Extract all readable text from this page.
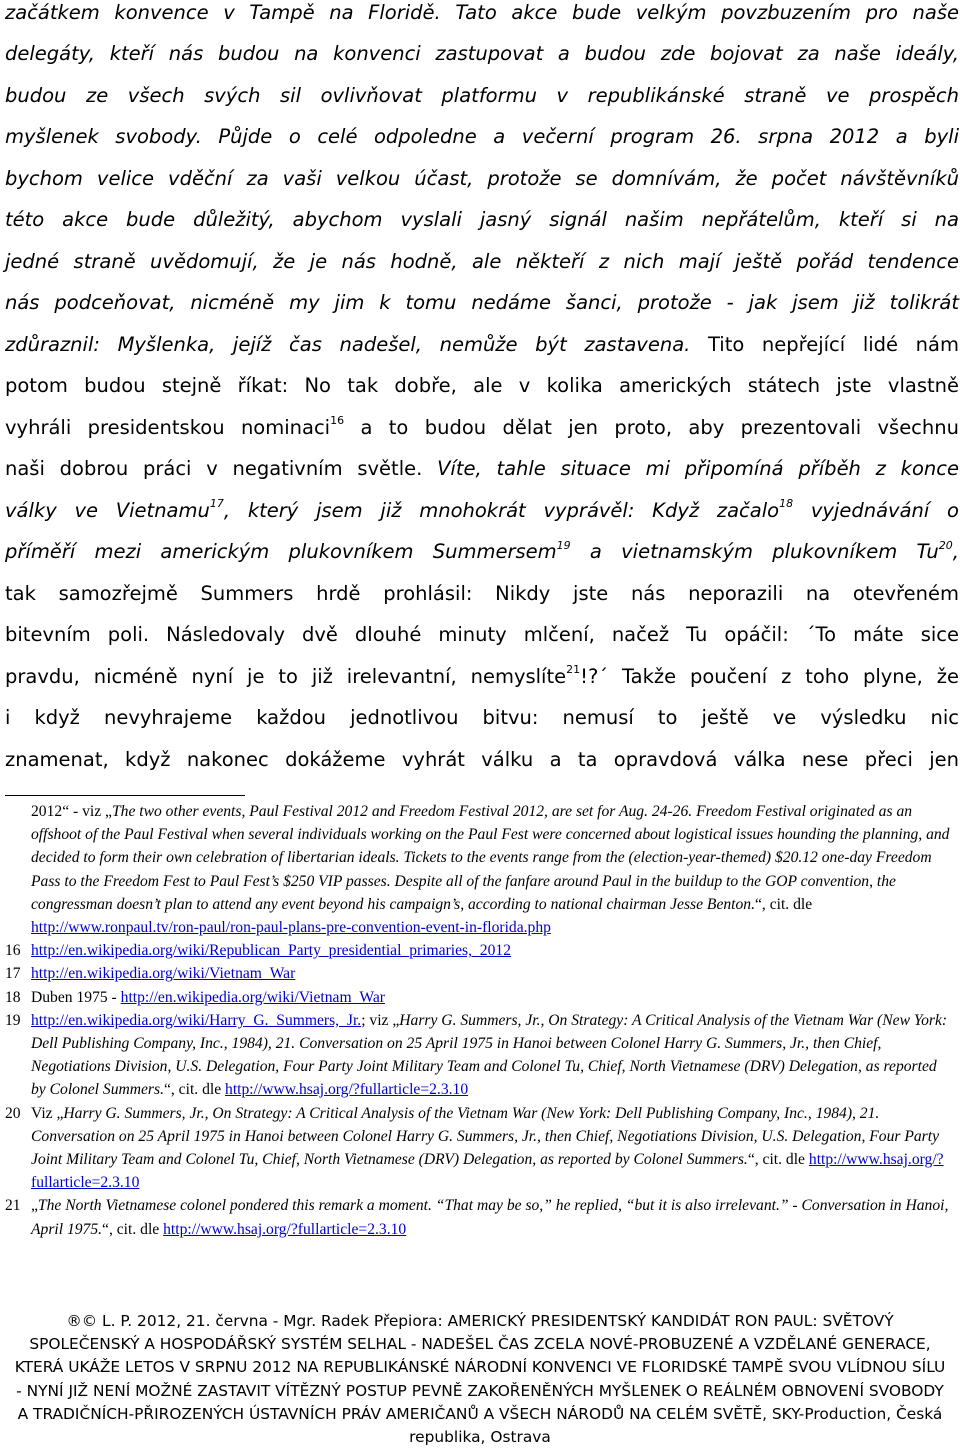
začátkem konvence v Tampě na Floridě. Tato akce bude velkým povzbuzením pro naše
delegáty, kteří nás budou na konvenci zastupovat a budou zde bojovat za naše ideály,
budou ze všech svých sil ovlivňovat platformu v republikánské straně ve prospěch
myšlenek svobody. Půjde o celé odpoledne a večerní program 26. srpna 2012 a byli
bychom velice vděční za vaši velkou účast, protože se domnívám, že počet návštěvníků
této akce bude důležitý, abychom vyslali jasný signál našim nepřátelům, kteří si na
jedné straně uvědomují, že je nás hodně, ale někteří z nich mají ještě pořád tendence
nás podceňovat, nicméně my jim k tomu nedáme šanci, protože - jak jsem již tolikrát
zdůraznil: Myšlenka, jejíž čas nadešel, nemůže být zastavena. Tito nepřející lidé nám
potom budou stejně říkat: No tak dobře, ale v kolika amerických státech jste vlastně
vyhráli presidentskou nominaci$^{16}$ a to budou dělat jen proto, aby prezentovali všechnu
naši dobrou práci v negativním světle. Víte, tahle situace mi připomíná příběh z konce
války ve Vietnamu$^{17}$, který jsem již mnohokrát vyprávěl: Když začalo$^{18}$ vyjednávání o
příměří mezi americkým plukovníkem Summersem$^{19}$ a vietnamským plukovníkem Tu$^{20}$,
tak samozřejmě Summers hrdě prohlásil: Nikdy jste nás neporazili na otevřeném
bitevním poli. Následovaly dvě dlouhé minuty mlčení, načež Tu opáčil: ´To máte sice
pravdu, nicméně nyní je to již irelevantní, nemyslíte$^{21}$!?´ Takže poučení z toho plyne, že
i když nevyhrajeme každou jednotlivou bitvu: nemusí to ještě ve výsledku nic
znamenat, když nakonec dokážeme vyhrát válku a ta opravdová válka nese přeci jen
2012“ - viz „The two other events, Paul Festival 2012 and Freedom Festival 2012, are set for Aug. 24-26. Freedom Festival originated as an offshoot of the Paul Festival when several individuals working on the Paul Fest were concerned about logistical issues hounding the planning, and decided to form their own celebration of libertarian ideals. Tickets to the events range from the (election-year-themed) $20.12 one-day Freedom Pass to the Freedom Fest to Paul Fest’s $250 VIP passes. Despite all of the fanfare around Paul in the buildup to the GOP convention, the congressman doesn’t plan to attend any event beyond his campaign’s, according to national chairman Jesse Benton.“, cit. dle http://www.ronpaul.tv/ron-paul/ron-paul-plans-pre-convention-event-in-florida.php
16 http://en.wikipedia.org/wiki/Republican_Party_presidential_primaries,_2012
17 http://en.wikipedia.org/wiki/Vietnam_War
18 Duben 1975 - http://en.wikipedia.org/wiki/Vietnam_War
19 http://en.wikipedia.org/wiki/Harry_G._Summers,_Jr.; viz „Harry G. Summers, Jr., On Strategy: A Critical Analysis of the Vietnam War (New York: Dell Publishing Company, Inc., 1984), 21. Conversation on 25 April 1975 in Hanoi between Colonel Harry G. Summers, Jr., then Chief, Negotiations Division, U.S. Delegation, Four Party Joint Military Team and Colonel Tu, Chief, North Vietnamese (DRV) Delegation, as reported by Colonel Summers.“, cit. dle http://www.hsaj.org/?fullarticle=2.3.10
20 Viz „Harry G. Summers, Jr., On Strategy: A Critical Analysis of the Vietnam War (New York: Dell Publishing Company, Inc., 1984), 21. Conversation on 25 April 1975 in Hanoi between Colonel Harry G. Summers, Jr., then Chief, Negotiations Division, U.S. Delegation, Four Party Joint Military Team and Colonel Tu, Chief, North Vietnamese (DRV) Delegation, as reported by Colonel Summers.“, cit. dle http://www.hsaj.org/?fullarticle=2.3.10
21 „The North Vietnamese colonel pondered this remark a moment. “That may be so,” he replied, “but it is also irrelevant.” - Conversation in Hanoi, April 1975.“, cit. dle http://www.hsaj.org/?fullarticle=2.3.10
®© L. P. 2012, 21. června - Mgr. Radek Přepiora: AMERICKÝ PRESIDENTSKÝ KANDIDÁT RON PAUL: SVĚTOVÝ SPOLEČENSKÝ A HOSPODÁŘSKÝ SYSTÉM SELHAL - NADEŠEL ČAS ZCELA NOVÉ-PROBUZENÉ A VZDĚLANÉ GENERACE, KTERÁ UKÁŽE LETOS V SRPNU 2012 NA REPUBLIKÁNSKÉ NÁRODNÍ KONVENCI VE FLORIDSKÉ TAMPĚ SVOU VLÍDNOU SÍLU - NYNÍ JIŽ NENÍ MOŽNÉ ZASTAVIT VÍTĚZNÝ POSTUP PEVNĚ ZAKOŘENĚNÝCH MYŠLENEK O REÁLNÉM OBNOVENÍ SVOBODY A TRADIČNÍCH-PŘIROZENÝCH ÚSTAVNÍCH PRÁV AMERIČANŮ A VŠECH NÁRODŮ NA CELÉM SVĚTĚ, SKY-Production, Česká republika, Ostrava
